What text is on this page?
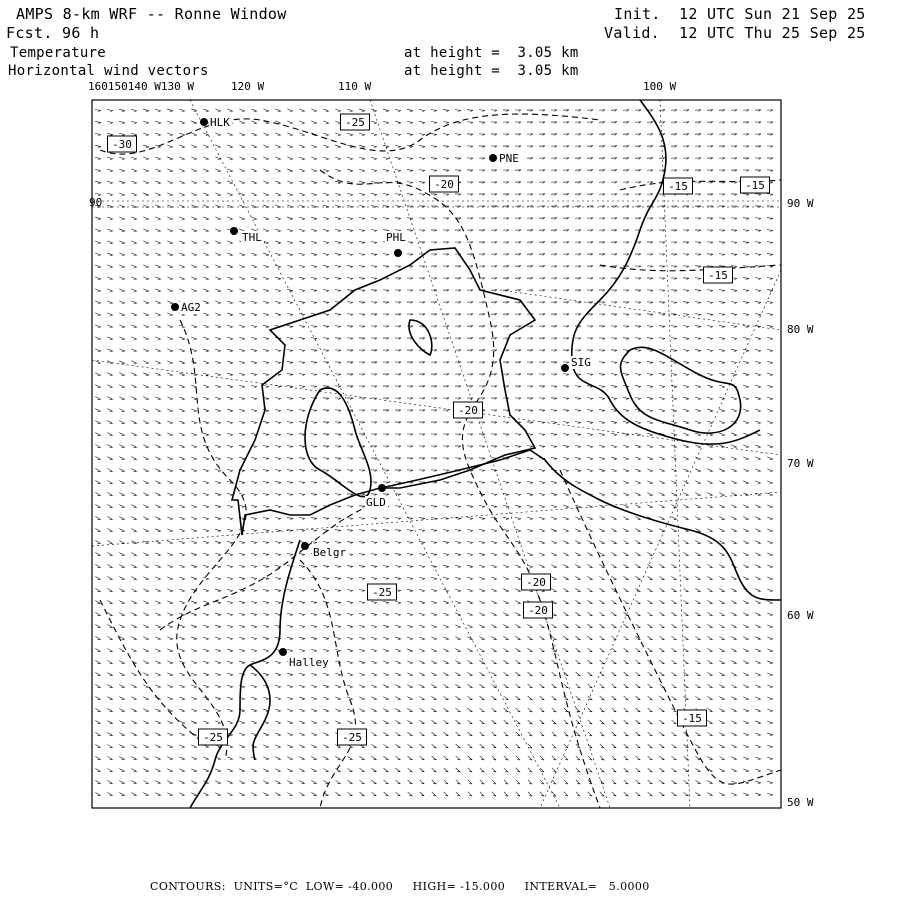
AMPS 8-km WRF -- Ronne Window
Fcst. 96 h
Init. 12 UTC Sun 21 Sep 25
Valid. 12 UTC Thu 25 Sep 25
Temperature
Horizontal wind vectors
at height =  3.05 km
at height =  3.05 km
160150140 W130 W	120 W	110 W	100 W
90 W
80 W
70 W
60 W
50 W
90
-25
-30
-20	-15	-15
-15
-20
-25
-20
-20
-15
-25
-25
HLK
PNE
THL	PHL
AG2
SIG
GLD
Belgr
Halley
CONTOURS:  UNITS=°C  LOW= -40.000     HIGH= -15.000     INTERVAL=   5.0000
